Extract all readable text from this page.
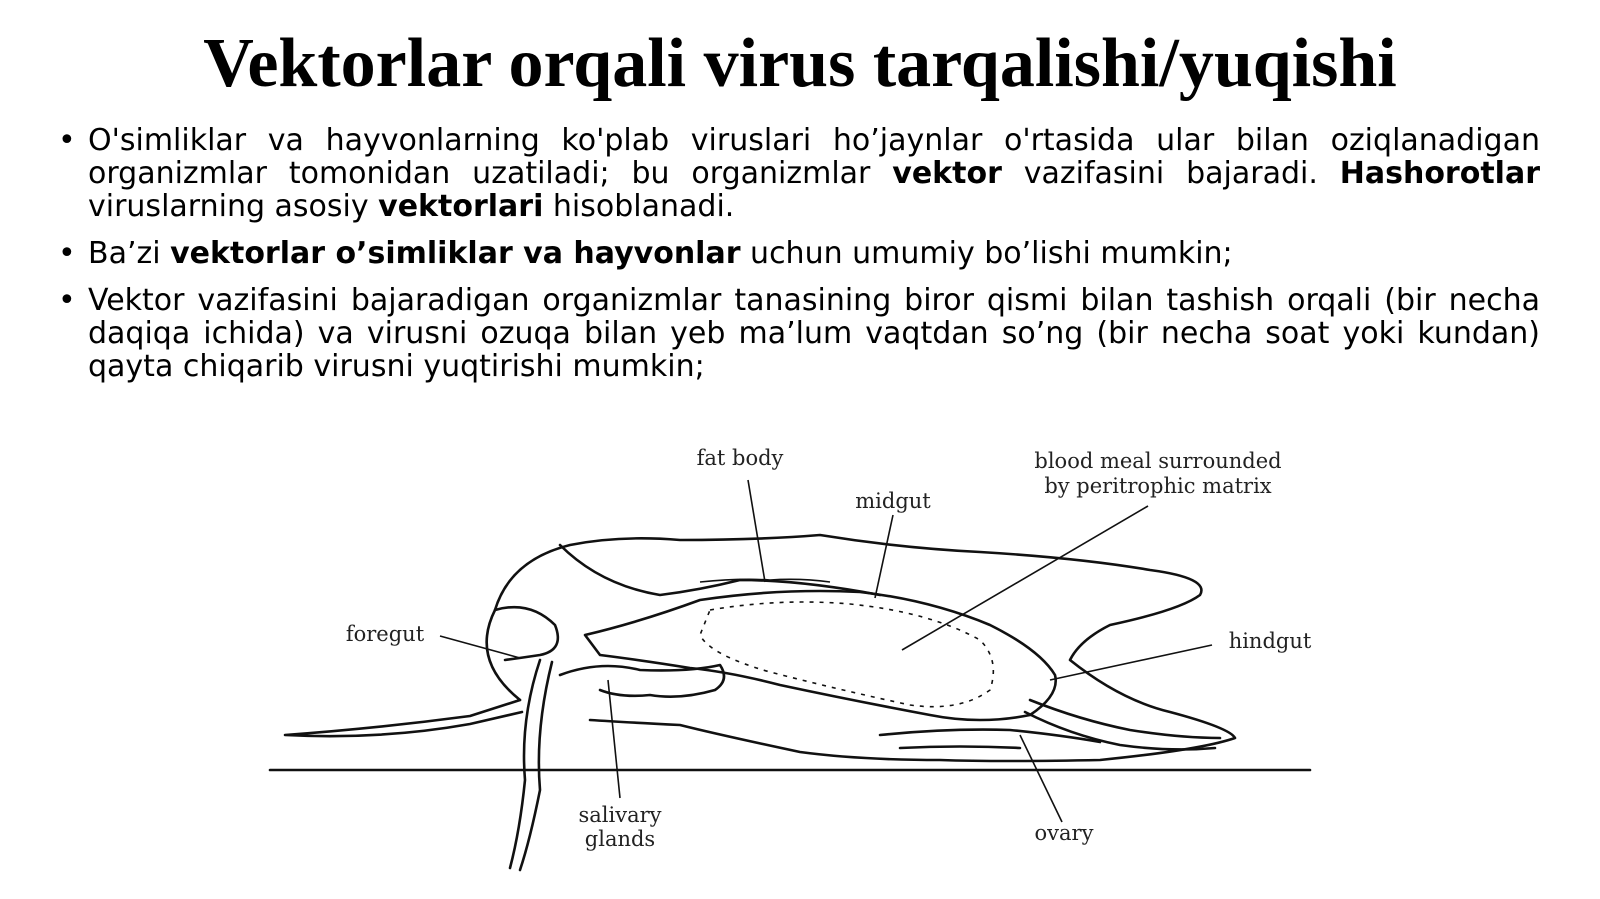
Vektorlar orqali virus tarqalishi/yuqishi
• O'simliklar va hayvonlarning ko'plab viruslari ho’jaynlar o'rtasida ular bilan oziqlanadigan organizmlar tomonidan uzatiladi; bu organizmlar vektor vazifasini bajaradi. Hashorotlar viruslarning asosiy vektorlari hisoblanadi.
• Ba’zi vektorlar o’simliklar va hayvonlar uchun umumiy bo’lishi mumkin;
• Vektor vazifasini bajaradigan organizmlar tanasining biror qismi bilan tashish orqali (bir necha daqiqa ichida) va virusni ozuqa bilan yeb ma’lum vaqtdan so’ng (bir necha soat yoki kundan) qayta chiqarib virusni yuqtirishi mumkin;
fat body
midgut
blood meal surrounded
by peritrophic matrix
foregut	hindgut
salivary
glands	ovary
